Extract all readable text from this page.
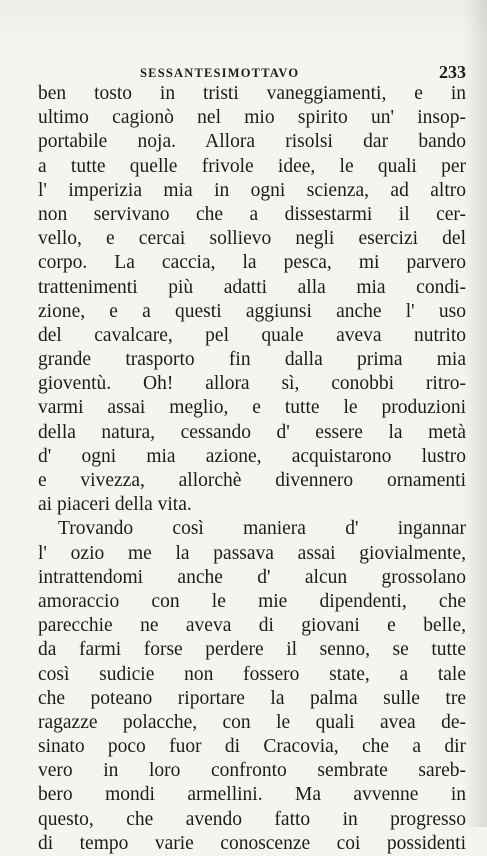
SESSANTESIMOTTAVO	233
ben tosto in tristi vaneggiamenti, e in
ultimo cagionò nel mio spirito un' insop-
portabile noja. Allora risolsi dar bando
a tutte quelle frivole idee, le quali per
l' imperizia mia in ogni scienza, ad altro
non servivano che a dissestarmi il cer-
vello, e cercai sollievo negli esercizi del
corpo. La caccia, la pesca, mi parvero
trattenimenti più adatti alla mia condi-
zione, e a questi aggiunsi anche l' uso
del cavalcare, pel quale aveva nutrito
grande trasporto fin dalla prima mia
gioventù. Oh! allora sì, conobbi ritro-
varmi assai meglio, e tutte le produzioni
della natura, cessando d' essere la metà
d' ogni mia azione, acquistarono lustro
e vivezza, allorchè divennero ornamenti
ai piaceri della vita.
Trovando così maniera d' ingannar
l' ozio me la passava assai giovialmente,
intrattendomi anche d' alcun grossolano
amoraccio con le mie dipendenti, che
parecchie ne aveva di giovani e belle,
da farmi forse perdere il senno, se tutte
così sudicie non fossero state, a tale
che poteano riportare la palma sulle tre
ragazze polacche, con le quali avea de-
sinato poco fuor di Cracovia, che a dir
vero in loro confronto sembrate sareb-
bero mondi armellini. Ma avvenne in
questo, che avendo fatto in progresso
di tempo varie conoscenze coi possidenti
